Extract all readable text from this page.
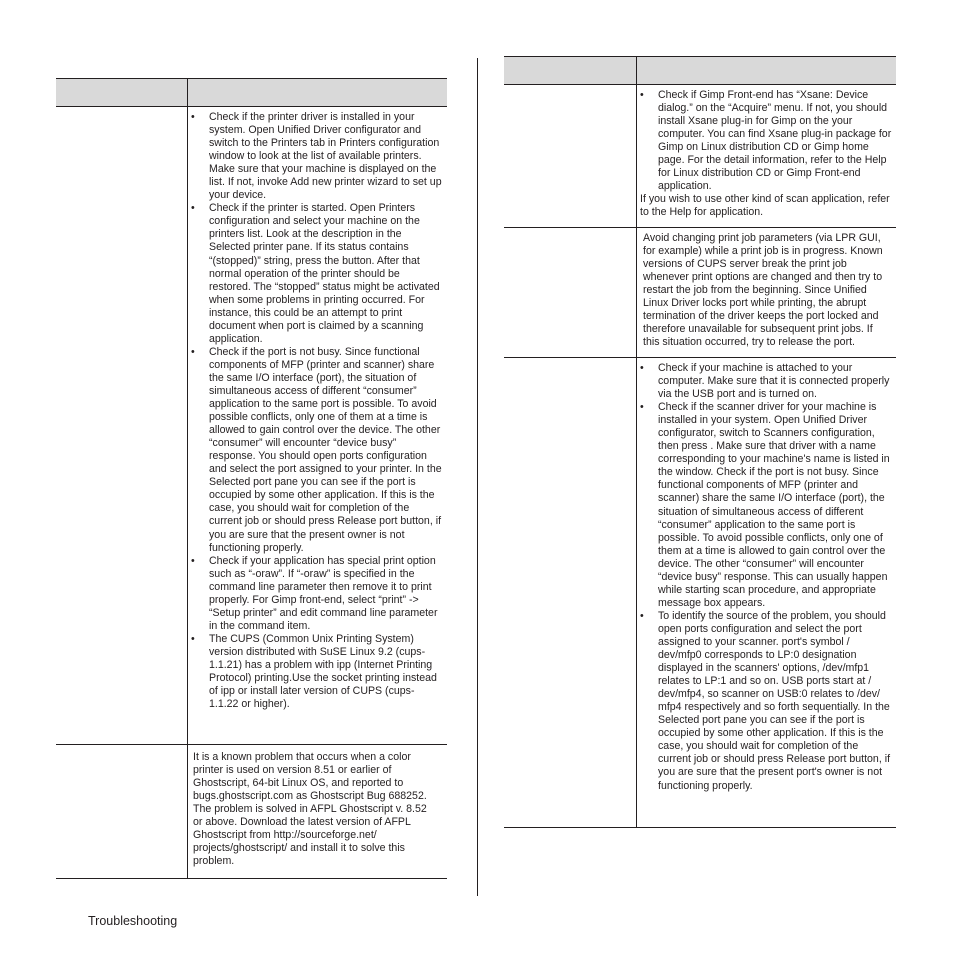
• Check if the printer driver is installed in your system. Open Unified Driver configurator and switch to the Printers tab in Printers configuration window to look at the list of available printers. Make sure that your machine is displayed on the list. If not, invoke Add new printer wizard to set up your device.
• Check if the printer is started. Open Printers configuration and select your machine on the printers list. Look at the description in the Selected printer pane. If its status contains “(stopped)” string, press the button. After that normal operation of the printer should be restored. The “stopped” status might be activated when some problems in printing occurred. For instance, this could be an attempt to print document when port is claimed by a scanning application.
• Check if the port is not busy. Since functional components of MFP (printer and scanner) share the same I/O interface (port), the situation of simultaneous access of different “consumer” application to the same port is possible. To avoid possible conflicts, only one of them at a time is allowed to gain control over the device. The other “consumer” will encounter “device busy” response. You should open ports configuration and select the port assigned to your printer. In the Selected port pane you can see if the port is occupied by some other application. If this is the case, you should wait for completion of the current job or should press Release port button, if you are sure that the present owner is not functioning properly.
• Check if your application has special print option such as “-oraw”. If “-oraw” is specified in the command line parameter then remove it to print properly. For Gimp front-end, select “print” -> “Setup printer” and edit command line parameter in the command item.
• The CUPS (Common Unix Printing System) version distributed with SuSE Linux 9.2 (cups-1.1.21) has a problem with ipp (Internet Printing Protocol) printing.Use the socket printing instead of ipp or install later version of CUPS (cups-1.1.22 or higher).

It is a known problem that occurs when a color printer is used on version 8.51 or earlier of Ghostscript, 64-bit Linux OS, and reported to bugs.ghostscript.com as Ghostscript Bug 688252.

The problem is solved in AFPL Ghostscript v. 8.52 or above. Download the latest version of AFPL Ghostscript from http://sourceforge.net/ projects/ghostscript/ and install it to solve this problem.

• Check if Gimp Front-end has “Xsane: Device dialog.” on the “Acquire” menu. If not, you should install Xsane plug-in for Gimp on the your computer. You can find Xsane plug-in package for Gimp on Linux distribution CD or Gimp home page. For the detail information, refer to the Help for Linux distribution CD or Gimp Front-end application.

If you wish to use other kind of scan application, refer to the Help for application.

Avoid changing print job parameters (via LPR GUI, for example) while a print job is in progress. Known versions of CUPS server break the print job whenever print options are changed and then try to restart the job from the beginning. Since Unified Linux Driver locks port while printing, the abrupt termination of the driver keeps the port locked and therefore unavailable for subsequent print jobs. If this situation occurred, try to release the port.

• Check if your machine is attached to your computer. Make sure that it is connected properly via the USB port and is turned on.
• Check if the scanner driver for your machine is installed in your system. Open Unified Driver configurator, switch to Scanners configuration, then press . Make sure that driver with a name corresponding to your machine's name is listed in the window. Check if the port is not busy. Since functional components of MFP (printer and scanner) share the same I/O interface (port), the situation of simultaneous access of different “consumer” application to the same port is possible. To avoid possible conflicts, only one of them at a time is allowed to gain control over the device. The other “consumer” will encounter “device busy” response. This can usually happen while starting scan procedure, and appropriate message box appears.
• To identify the source of the problem, you should open ports configuration and select the port assigned to your scanner. port's symbol / dev/mfp0 corresponds to LP:0 designation displayed in the scanners' options, /dev/mfp1 relates to LP:1 and so on. USB ports start at / dev/mfp4, so scanner on USB:0 relates to /dev/ mfp4 respectively and so forth sequentially. In the Selected port pane you can see if the port is occupied by some other application. If this is the case, you should wait for completion of the current job or should press Release port button, if you are sure that the present port's owner is not functioning properly.
Troubleshooting
